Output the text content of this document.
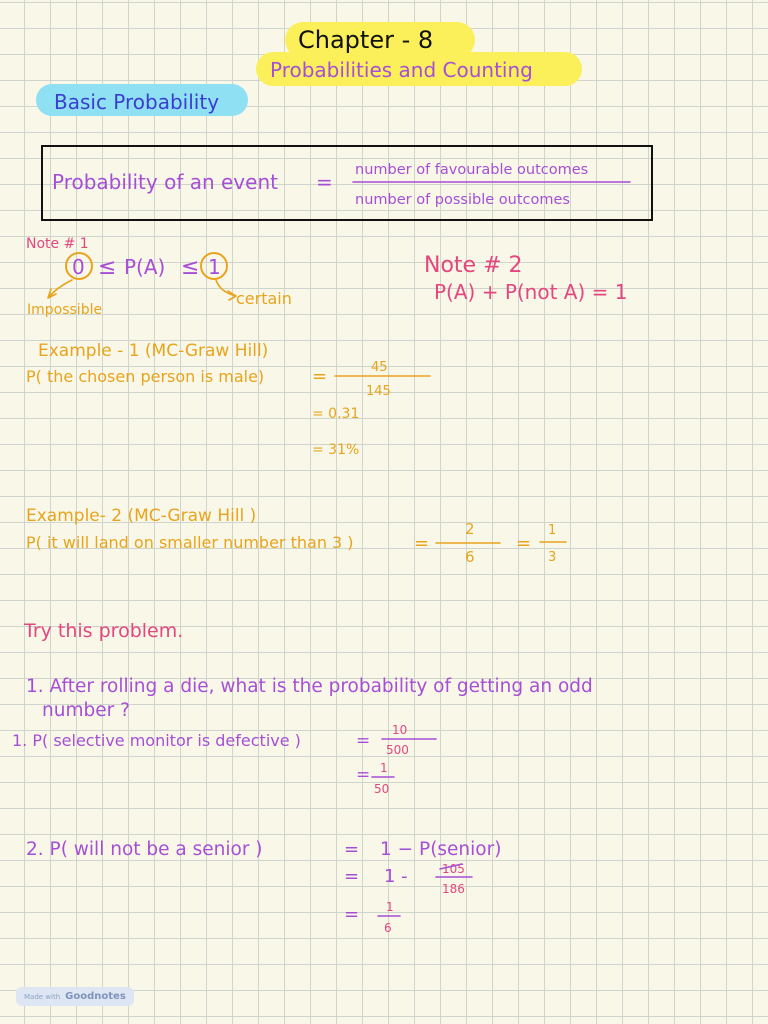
Chapter - 8
Probabilities and Counting
Basic Probability
Probability of an event = number of favourable outcomes
number of possible outcomes
Note # 1
0 ≤ P(A) ≤ 1
Impossible
certain
Note # 2
P(A) + P(not A) = 1
Example - 1 (MC-Graw Hill)
P( the chosen person is male)	=	45
145
= 0.31
= 31%
Example- 2 (MC-Graw Hill )
P( it will land on smaller number than 3 )	=
2
6
=
1
3
Try this problem.
1. After rolling a die, what is the probability of getting an odd
number ?
1. P( selective monitor is defective )	=
10
500
= 1
50
2. P( will not be a senior )	= 1 − P(senior)
= 1 -	105
186
= 1
6
Made with Goodnotes
